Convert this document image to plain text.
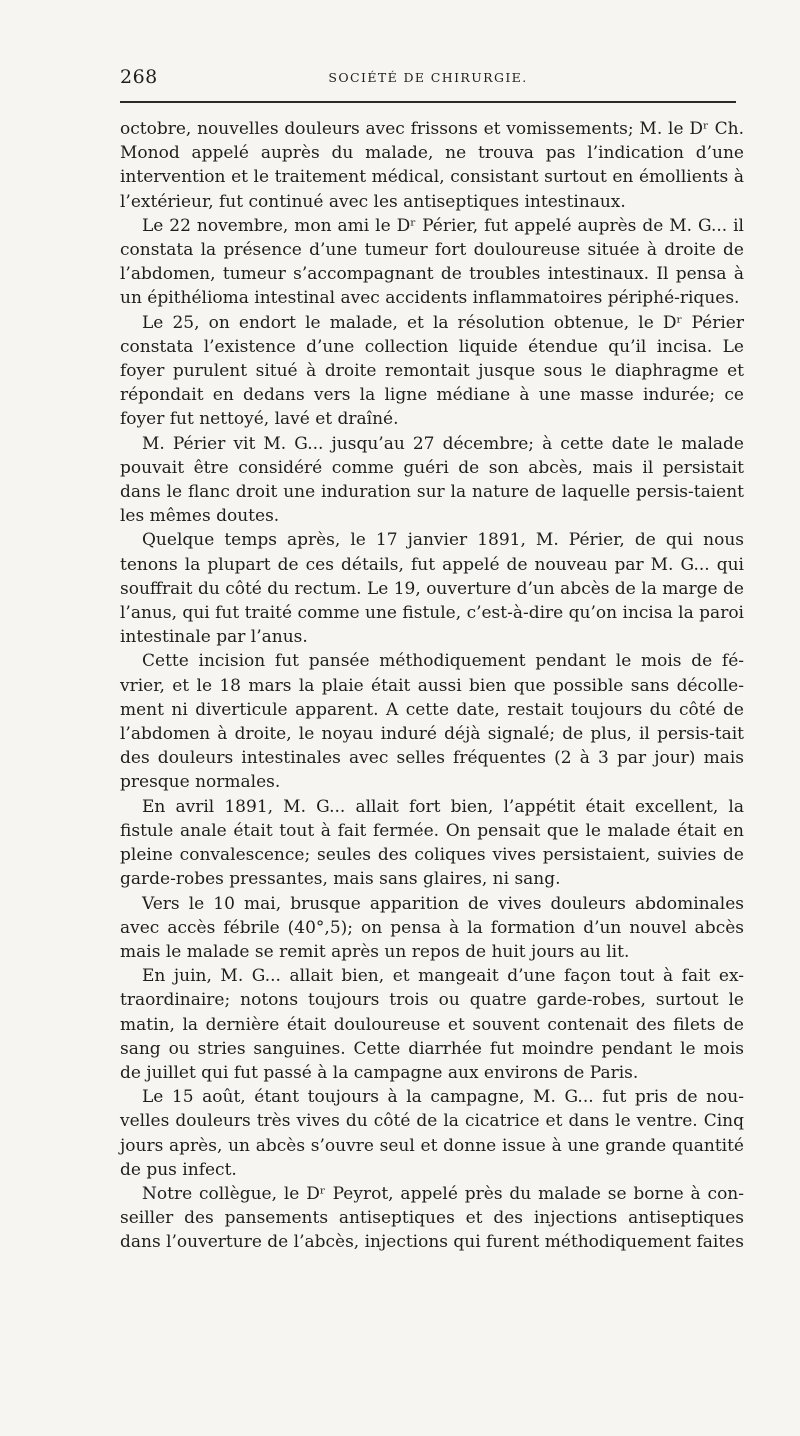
268	SOCIÉTÉ DE CHIRURGIE.

octobre, nouvelles douleurs avec frissons et vomissements; M. le Dʳ Ch. Monod appelé auprès du malade, ne trouva pas l’indication d’une intervention et le traitement médical, consistant surtout en émollients à l’extérieur, fut continué avec les antiseptiques intestinaux.

Le 22 novembre, mon ami le Dʳ Périer, fut appelé auprès de M. G... il constata la présence d’une tumeur fort douloureuse située à droite de l’abdomen, tumeur s’accompagnant de troubles intestinaux. Il pensa à un épithélioma intestinal avec accidents inflammatoires périphé-riques.

Le 25, on endort le malade, et la résolution obtenue, le Dʳ Périer constata l’existence d’une collection liquide étendue qu’il incisa. Le foyer purulent situé à droite remontait jusque sous le diaphragme et répondait en dedans vers la ligne médiane à une masse indurée; ce foyer fut nettoyé, lavé et draîné.

M. Périer vit M. G... jusqu’au 27 décembre; à cette date le malade pouvait être considéré comme guéri de son abcès, mais il persistait dans le flanc droit une induration sur la nature de laquelle persis-taient les mêmes doutes.

Quelque temps après, le 17 janvier 1891, M. Périer, de qui nous tenons la plupart de ces détails, fut appelé de nouveau par M. G... qui souffrait du côté du rectum. Le 19, ouverture d’un abcès de la marge de l’anus, qui fut traité comme une fistule, c’est-à-dire qu’on incisa la paroi intestinale par l’anus.

Cette incision fut pansée méthodiquement pendant le mois de fé-vrier, et le 18 mars la plaie était aussi bien que possible sans décolle-ment ni diverticule apparent. A cette date, restait toujours du côté de l’abdomen à droite, le noyau induré déjà signalé; de plus, il persis-tait des douleurs intestinales avec selles fréquentes (2 à 3 par jour) mais presque normales.

En avril 1891, M. G... allait fort bien, l’appétit était excellent, la fistule anale était tout à fait fermée. On pensait que le malade était en pleine convalescence; seules des coliques vives persistaient, suivies de garde-robes pressantes, mais sans glaires, ni sang.

Vers le 10 mai, brusque apparition de vives douleurs abdominales avec accès fébrile (40°,5); on pensa à la formation d’un nouvel abcès mais le malade se remit après un repos de huit jours au lit.

En juin, M. G... allait bien, et mangeait d’une façon tout à fait ex-traordinaire; notons toujours trois ou quatre garde-robes, surtout le matin, la dernière était douloureuse et souvent contenait des filets de sang ou stries sanguines. Cette diarrhée fut moindre pendant le mois de juillet qui fut passé à la campagne aux environs de Paris.

Le 15 août, étant toujours à la campagne, M. G... fut pris de nou-velles douleurs très vives du côté de la cicatrice et dans le ventre. Cinq jours après, un abcès s’ouvre seul et donne issue à une grande quantité de pus infect.

Notre collègue, le Dʳ Peyrot, appelé près du malade se borne à con-seiller des pansements antiseptiques et des injections antiseptiques dans l’ouverture de l’abcès, injections qui furent méthodiquement faites
